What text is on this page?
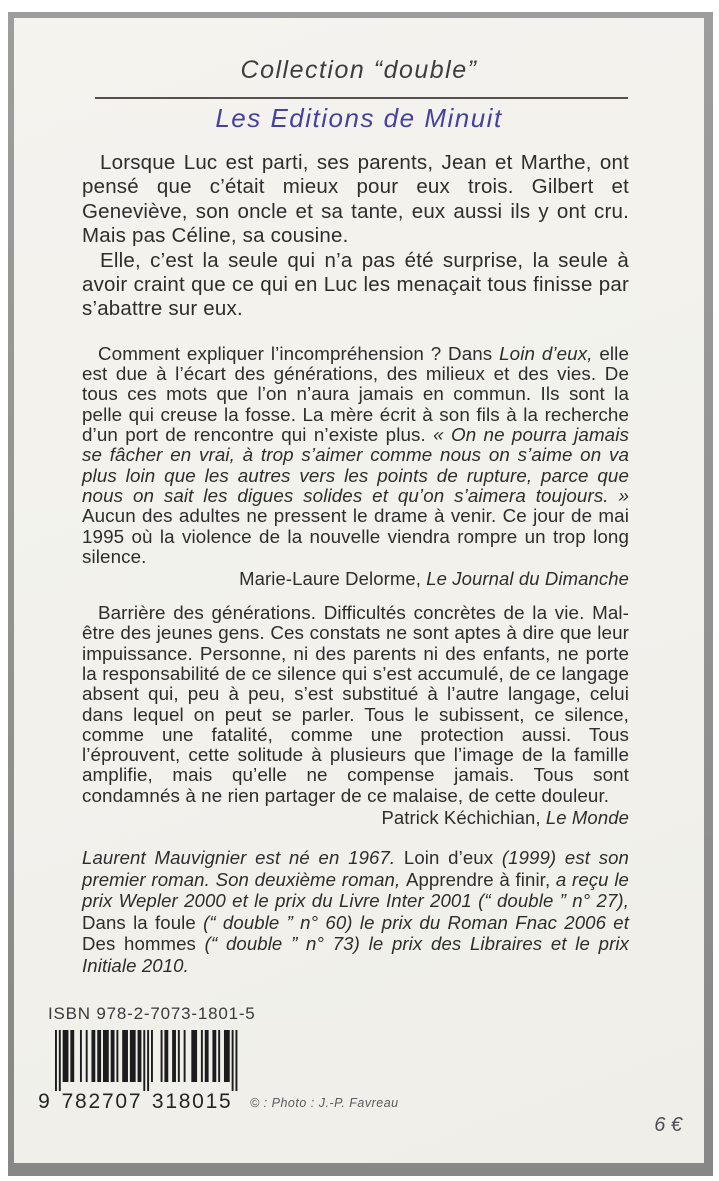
Collection “double”
Les Editions de Minuit

Lorsque Luc est parti, ses parents, Jean et Marthe, ont pensé que c’était mieux pour eux trois. Gilbert et Geneviève, son oncle et sa tante, eux aussi ils y ont cru. Mais pas Céline, sa cousine.

Elle, c’est la seule qui n’a pas été surprise, la seule à avoir craint que ce qui en Luc les menaçait tous finisse par s’abattre sur eux.

Comment expliquer l’incompréhension ? Dans Loin d’eux, elle est due à l’écart des générations, des milieux et des vies. De tous ces mots que l’on n’aura jamais en commun. Ils sont la pelle qui creuse la fosse. La mère écrit à son fils à la recherche d’un port de rencontre qui n’existe plus. « On ne pourra jamais se fâcher en vrai, à trop s’aimer comme nous on s’aime on va plus loin que les autres vers les points de rupture, parce que nous on sait les digues solides et qu’on s’aimera toujours. » Aucun des adultes ne pressent le drame à venir. Ce jour de mai 1995 où la violence de la nouvelle viendra rompre un trop long silence.

Marie-Laure Delorme, Le Journal du Dimanche

Barrière des générations. Difficultés concrètes de la vie. Mal-être des jeunes gens. Ces constats ne sont aptes à dire que leur impuissance. Personne, ni des parents ni des enfants, ne porte la responsabilité de ce silence qui s’est accumulé, de ce langage absent qui, peu à peu, s’est substitué à l’autre langage, celui dans lequel on peut se parler. Tous le subissent, ce silence, comme une fatalité, comme une protection aussi. Tous l’éprouvent, cette solitude à plusieurs que l’image de la famille amplifie, mais qu’elle ne compense jamais. Tous sont condamnés à ne rien partager de ce malaise, de cette douleur.

Patrick Kéchichian, Le Monde
Laurent Mauvignier est né en 1967. Loin d’eux (1999) est son premier roman. Son deuxième roman, Apprendre à finir, a reçu le prix Wepler 2000 et le prix du Livre Inter 2001 (“ double ” n° 27), Dans la foule (“ double ” n° 60) le prix du Roman Fnac 2006 et Des hommes (“ double ” n° 73) le prix des Libraires et le prix Initiale 2010.
ISBN 978-2-7073-1801-5
9 7 8 2 7 0 7 3 1 8 0 1 5 © : Photo : J.-P. Favreau
6 €
